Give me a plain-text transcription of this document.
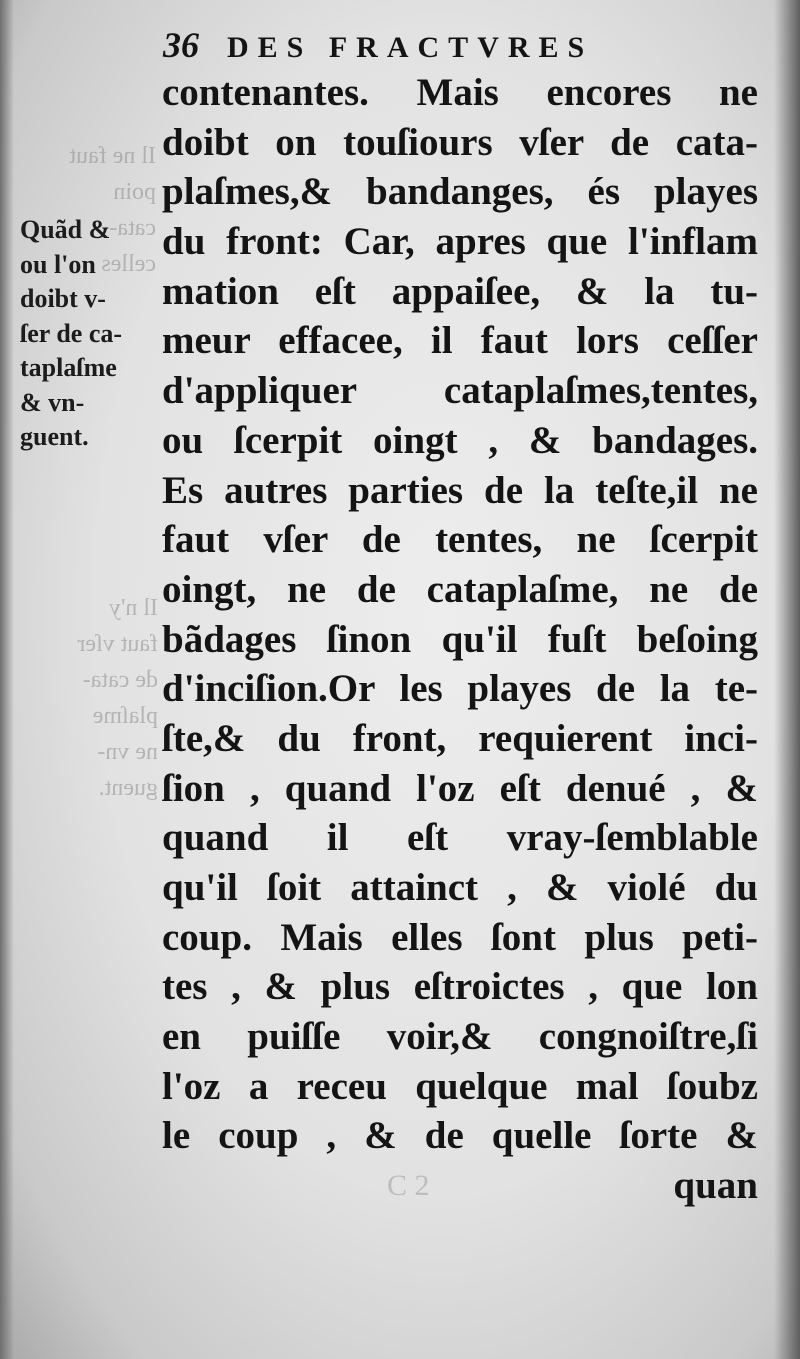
36 DES FRACTVRES
Il ne faut
poin
cata-
celles
Il n'y
faut vſer
de cata-
plaſme
ne vn-
guent.
Quãd &
ou l'on
doibt v-
ſer de ca-
taplaſme
& vn-
guent.
contenantes. Mais encores ne
doibt on touſiours vſer de cata-
plaſmes,& bandanges, és playes
du front: Car, apres que l'inflam
mation eſt appaiſee, & la tu-
meur effacee, il faut lors ceſſer
d'appliquer cataplaſmes,tentes,
ou ſcerpit oingt , & bandages.
Es autres parties de la teſte,il ne
faut vſer de tentes, ne ſcerpit
oingt, ne de cataplaſme, ne de
bãdages ſinon qu'il fuſt beſoing
d'inciſion.Or les playes de la te-
ſte,& du front, requierent inci-
ſion , quand l'oz eſt denué , &
quand il eſt vray-ſemblable
qu'il ſoit attainct , & violé du
coup. Mais elles ſont plus peti-
tes , & plus eſtroictes , que lon
en puiſſe voir,& congnoiſtre,ſi
l'oz a receu quelque mal ſoubz
le coup , & de quelle ſorte &
C 2	quan
